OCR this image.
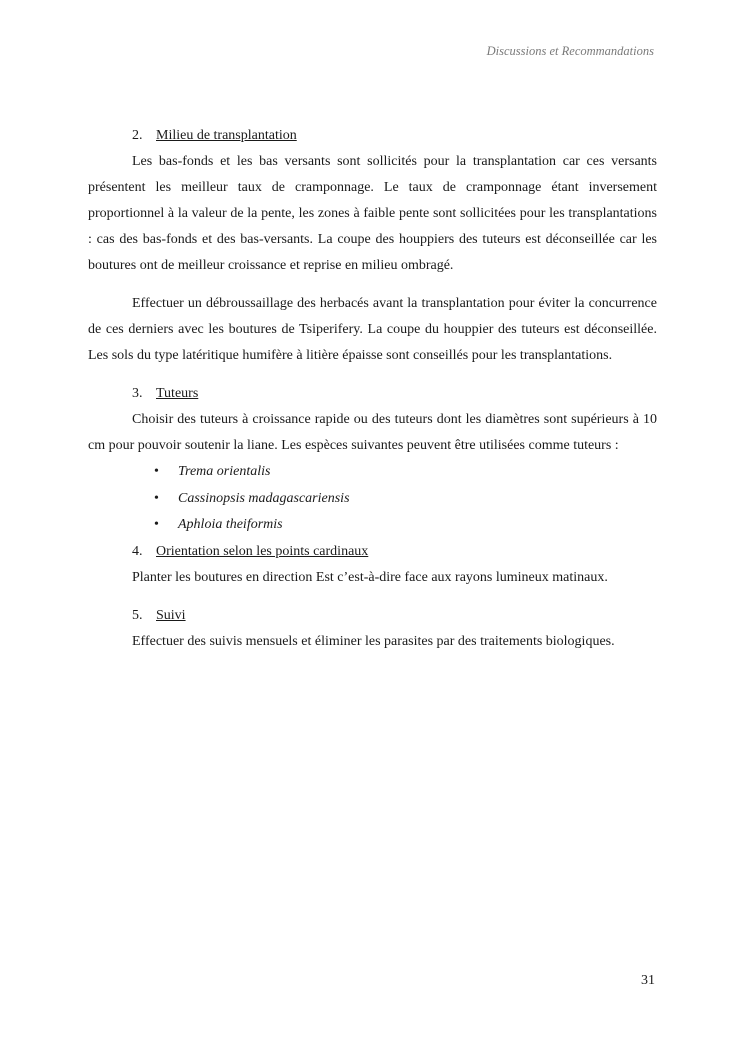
Discussions et Recommandations

2. Milieu de transplantation

Les bas-fonds et les bas versants sont sollicités pour la transplantation car ces versants présentent les meilleur taux de cramponnage. Le taux de cramponnage étant inversement proportionnel à la valeur de la pente, les zones à faible pente sont sollicitées pour les transplantations : cas des bas-fonds et des bas-versants. La coupe des houppiers des tuteurs est déconseillée car les boutures ont de meilleur croissance et reprise en milieu ombragé.

Effectuer un débroussaillage des herbacés avant la transplantation pour éviter la concurrence de ces derniers avec les boutures de Tsiperifery. La coupe du houppier des tuteurs est déconseillée. Les sols du type latéritique humifère à litière épaisse sont conseillés pour les transplantations.

3. Tuteurs

Choisir des tuteurs à croissance rapide ou des tuteurs dont les diamètres sont supérieurs à 10 cm pour pouvoir soutenir la liane. Les espèces suivantes peuvent être utilisées comme tuteurs :

• Trema orientalis
• Cassinopsis madagascariensis
• Aphloia theiformis

4. Orientation selon les points cardinaux

Planter les boutures en direction Est c’est-à-dire face aux rayons lumineux matinaux.

5. Suivi

Effectuer des suivis mensuels et éliminer les parasites par des traitements biologiques.

31
